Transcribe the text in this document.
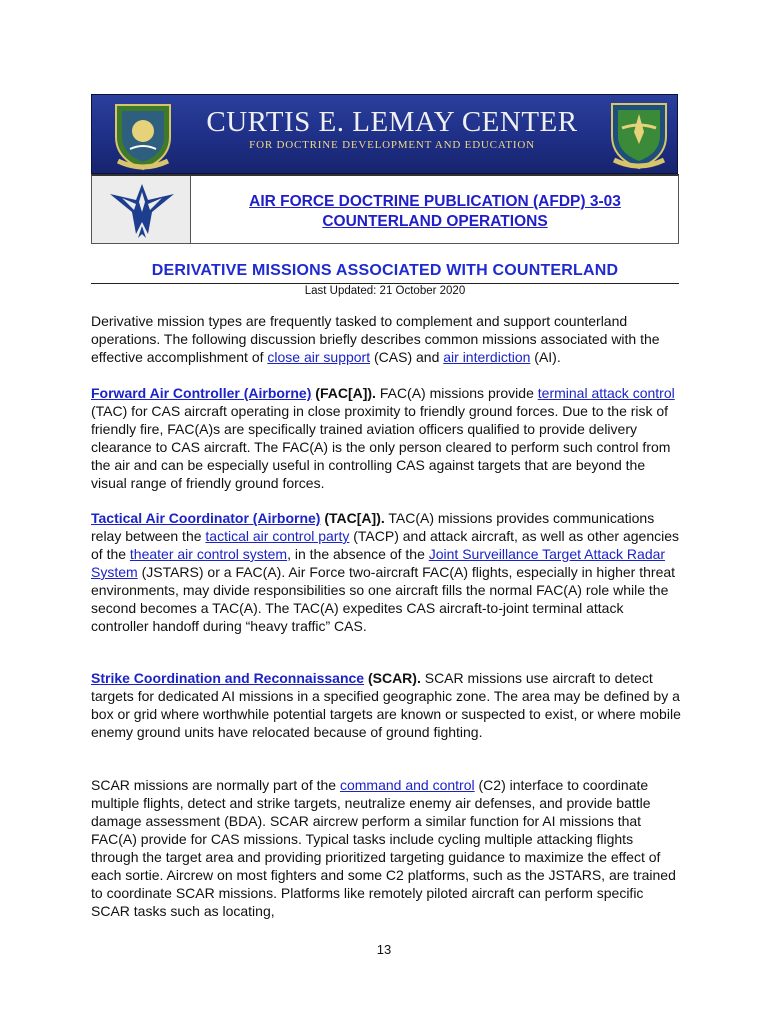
CURTIS E. LEMAY CENTER
FOR DOCTRINE DEVELOPMENT AND EDUCATION
AIR FORCE DOCTRINE PUBLICATION (AFDP) 3-03
COUNTERLAND OPERATIONS
DERIVATIVE MISSIONS ASSOCIATED WITH COUNTERLAND
Last Updated: 21 October 2020
Derivative mission types are frequently tasked to complement and support counterland operations. The following discussion briefly describes common missions associated with the effective accomplishment of close air support (CAS) and air interdiction (AI).
Forward Air Controller (Airborne) (FAC[A]). FAC(A) missions provide terminal attack control (TAC) for CAS aircraft operating in close proximity to friendly ground forces. Due to the risk of friendly fire, FAC(A)s are specifically trained aviation officers qualified to provide delivery clearance to CAS aircraft. The FAC(A) is the only person cleared to perform such control from the air and can be especially useful in controlling CAS against targets that are beyond the visual range of friendly ground forces.
Tactical Air Coordinator (Airborne) (TAC[A]). TAC(A) missions provides communications relay between the tactical air control party (TACP) and attack aircraft, as well as other agencies of the theater air control system, in the absence of the Joint Surveillance Target Attack Radar System (JSTARS) or a FAC(A). Air Force two-aircraft FAC(A) flights, especially in higher threat environments, may divide responsibilities so one aircraft fills the normal FAC(A) role while the second becomes a TAC(A). The TAC(A) expedites CAS aircraft-to-joint terminal attack controller handoff during “heavy traffic” CAS.
Strike Coordination and Reconnaissance (SCAR). SCAR missions use aircraft to detect targets for dedicated AI missions in a specified geographic zone. The area may be defined by a box or grid where worthwhile potential targets are known or suspected to exist, or where mobile enemy ground units have relocated because of ground fighting.
SCAR missions are normally part of the command and control (C2) interface to coordinate multiple flights, detect and strike targets, neutralize enemy air defenses, and provide battle damage assessment (BDA). SCAR aircrew perform a similar function for AI missions that FAC(A) provide for CAS missions. Typical tasks include cycling multiple attacking flights through the target area and providing prioritized targeting guidance to maximize the effect of each sortie. Aircrew on most fighters and some C2 platforms, such as the JSTARS, are trained to coordinate SCAR missions. Platforms like remotely piloted aircraft can perform specific SCAR tasks such as locating,
13
